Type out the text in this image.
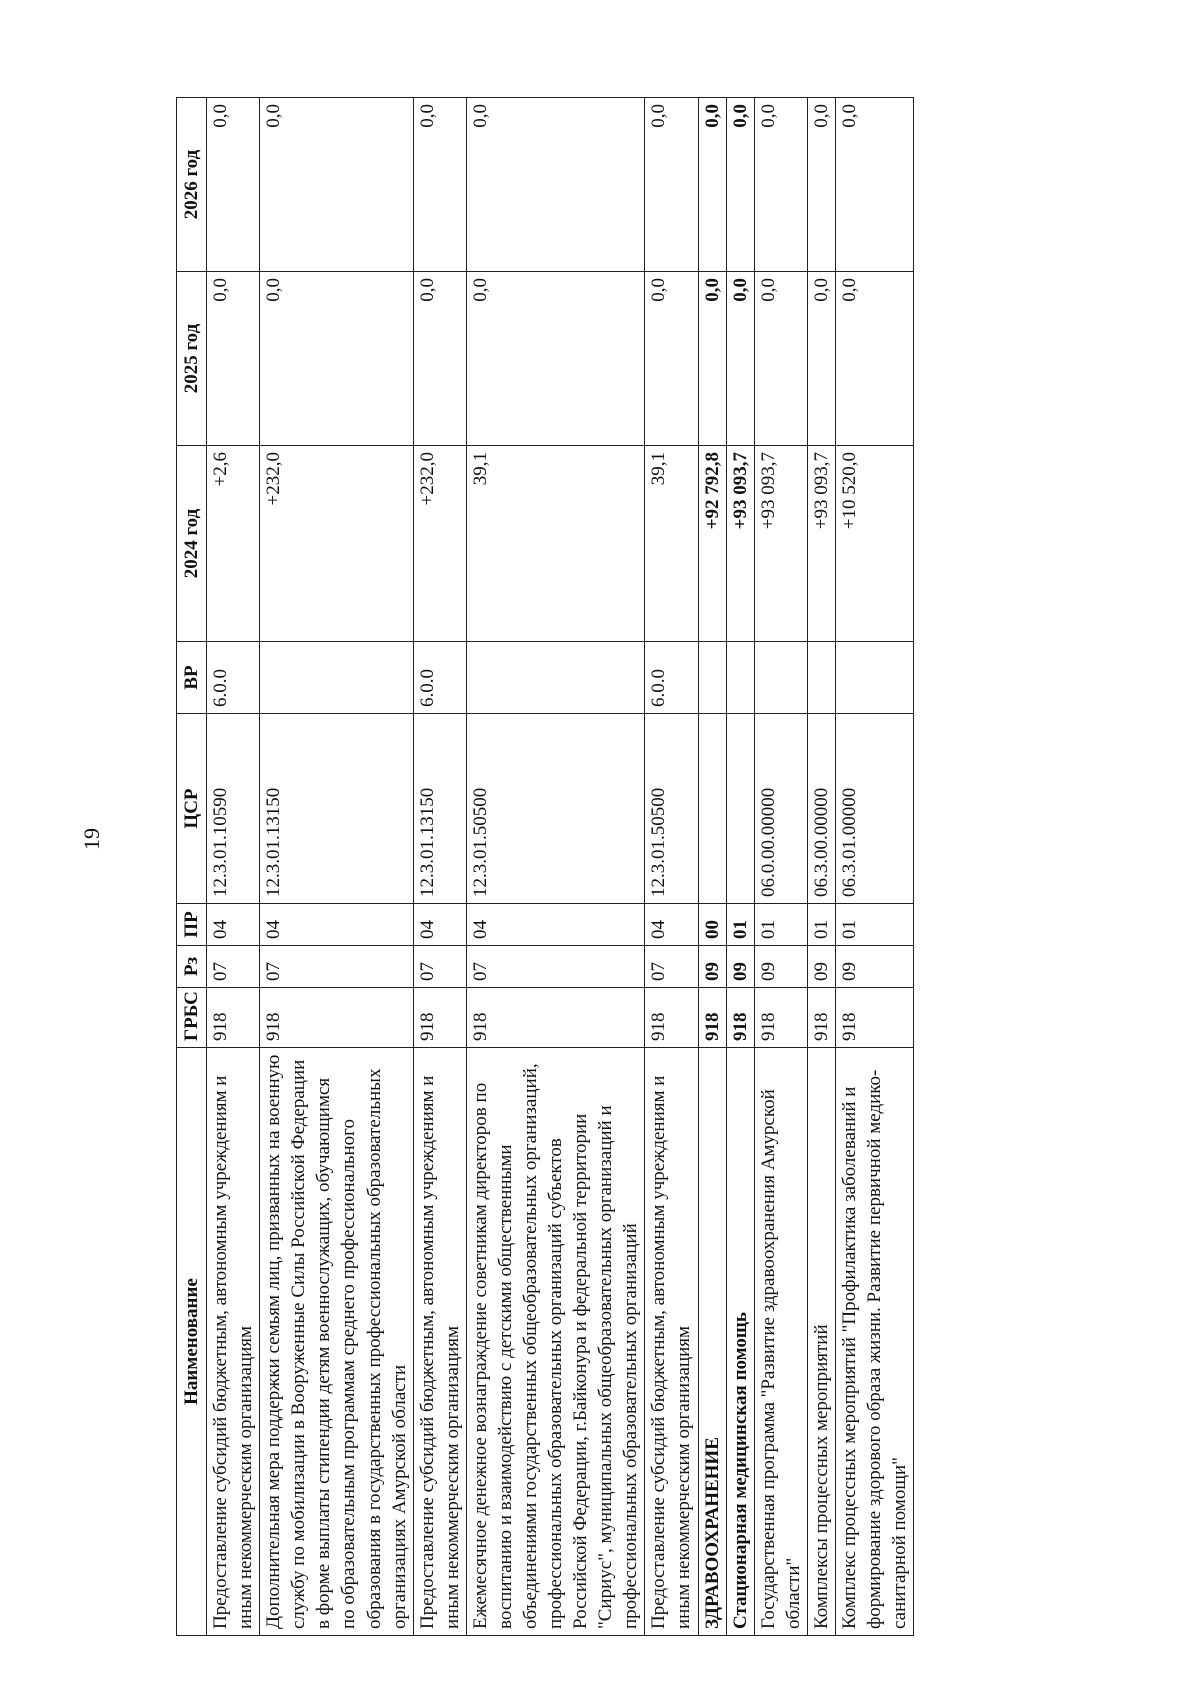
19
Наименование	ГРБС	Рз	ПР	ЦСР	ВР	2024 год	2025 год	2026 год
Предоставление субсидий бюджетным, автономным учреждениям и иным некоммерческим организациям	918	07	04	12.3.01.10590	6.0.0	+2,6	0,0	0,0
Дополнительная мера поддержки семьям лиц, призванных на военную службу по мобилизации в Вооруженные Силы Российской Федерации в форме выплаты стипендии детям военнослужащих, обучающимся по образовательным программам среднего профессионального образования в государственных профессиональных образовательных организациях Амурской области	918	07	04	12.3.01.13150		+232,0	0,0	0,0
Предоставление субсидий бюджетным, автономным учреждениям и иным некоммерческим организациям	918	07	04	12.3.01.13150	6.0.0	+232,0	0,0	0,0
Ежемесячное денежное вознаграждение советникам директоров по воспитанию и взаимодействию с детскими общественными объединениями государственных общеобразовательных организаций, профессиональных образовательных организаций субъектов Российской Федерации, г.Байконура и федеральной территории "Сириус", муниципальных общеобразовательных организаций и профессиональных образовательных организаций	918	07	04	12.3.01.50500		39,1	0,0	0,0
Предоставление субсидий бюджетным, автономным учреждениям и иным некоммерческим организациям	918	07	04	12.3.01.50500	6.0.0	39,1	0,0	0,0
ЗДРАВООХРАНЕНИЕ	918	09	00			+92 792,8	0,0	0,0
Стационарная медицинская помощь	918	09	01			+93 093,7	0,0	0,0
Государственная программа "Развитие здравоохранения Амурской области"	918	09	01	06.0.00.00000		+93 093,7	0,0	0,0
Комплексы процессных мероприятий	918	09	01	06.3.00.00000		+93 093,7	0,0	0,0
Комплекс процессных мероприятий "Профилактика заболеваний и формирование здорового образа жизни. Развитие первичной медико-санитарной помощи"	918	09	01	06.3.01.00000		+10 520,0	0,0	0,0
